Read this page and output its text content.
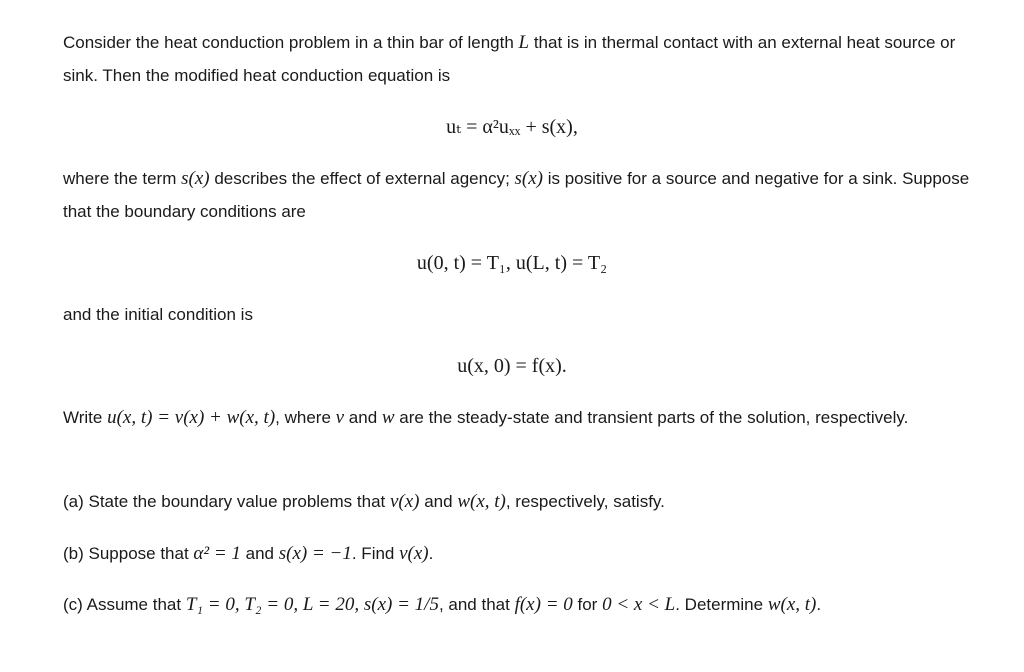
Consider the heat conduction problem in a thin bar of length L that is in thermal contact with an external heat source or sink. Then the modified heat conduction equation is

uₜ = α²uₓₓ + s(x),

where the term s(x) describes the effect of external agency; s(x) is positive for a source and negative for a sink. Suppose that the boundary conditions are

u(0, t) = T₁, u(L, t) = T₂

and the initial condition is

u(x, 0) = f(x).

Write u(x, t) = v(x) + w(x, t), where v and w are the steady-state and transient parts of the solution, respectively.

(a) State the boundary value problems that v(x) and w(x, t), respectively, satisfy.

(b) Suppose that α² = 1 and s(x) = −1. Find v(x).

(c) Assume that T₁ = 0, T₂ = 0, L = 20, s(x) = 1/5, and that f(x) = 0 for 0 < x < L. Determine w(x, t).
